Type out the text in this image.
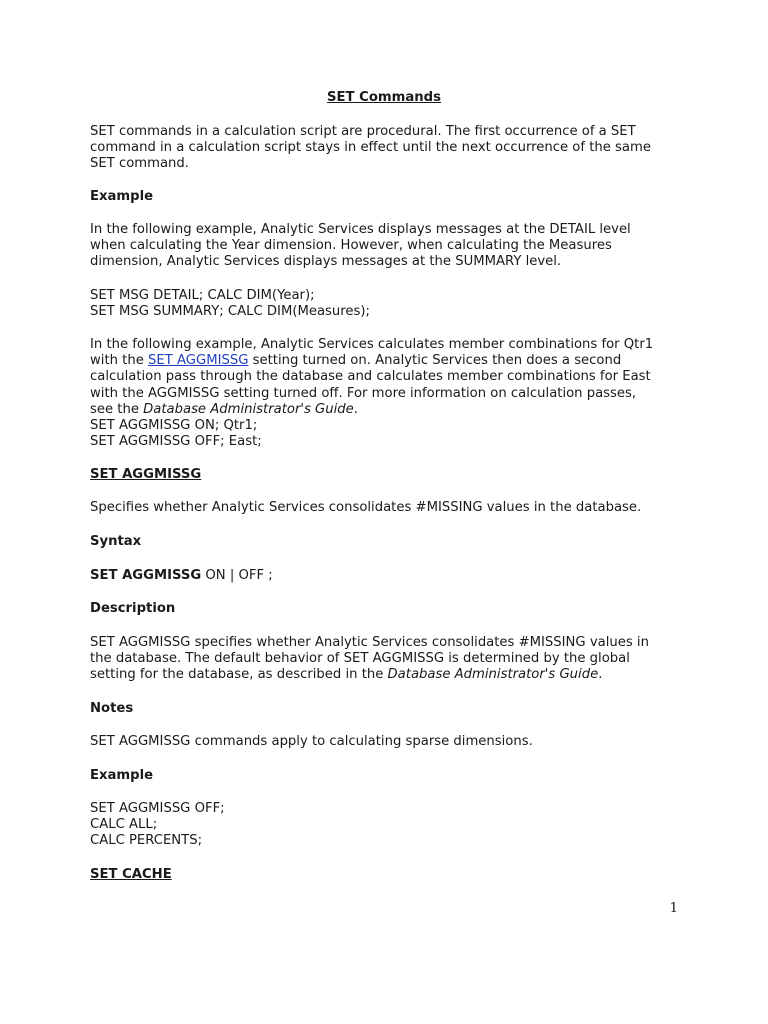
SET Commands

SET commands in a calculation script are procedural. The first occurrence of a SET
command in a calculation script stays in effect until the next occurrence of the same
SET command.

Example

In the following example, Analytic Services displays messages at the DETAIL level
when calculating the Year dimension. However, when calculating the Measures
dimension, Analytic Services displays messages at the SUMMARY level.

SET MSG DETAIL; CALC DIM(Year);
SET MSG SUMMARY; CALC DIM(Measures);

In the following example, Analytic Services calculates member combinations for Qtr1
with the SET AGGMISSG setting turned on. Analytic Services then does a second
calculation pass through the database and calculates member combinations for East
with the AGGMISSG setting turned off. For more information on calculation passes,
see the Database Administrator's Guide.
SET AGGMISSG ON; Qtr1;
SET AGGMISSG OFF; East;

SET AGGMISSG

Specifies whether Analytic Services consolidates #MISSING values in the database.

Syntax

SET AGGMISSG ON | OFF ;

Description

SET AGGMISSG specifies whether Analytic Services consolidates #MISSING values in
the database. The default behavior of SET AGGMISSG is determined by the global
setting for the database, as described in the Database Administrator's Guide.

Notes

SET AGGMISSG commands apply to calculating sparse dimensions.

Example

SET AGGMISSG OFF;
CALC ALL;
CALC PERCENTS;

SET CACHE

1
